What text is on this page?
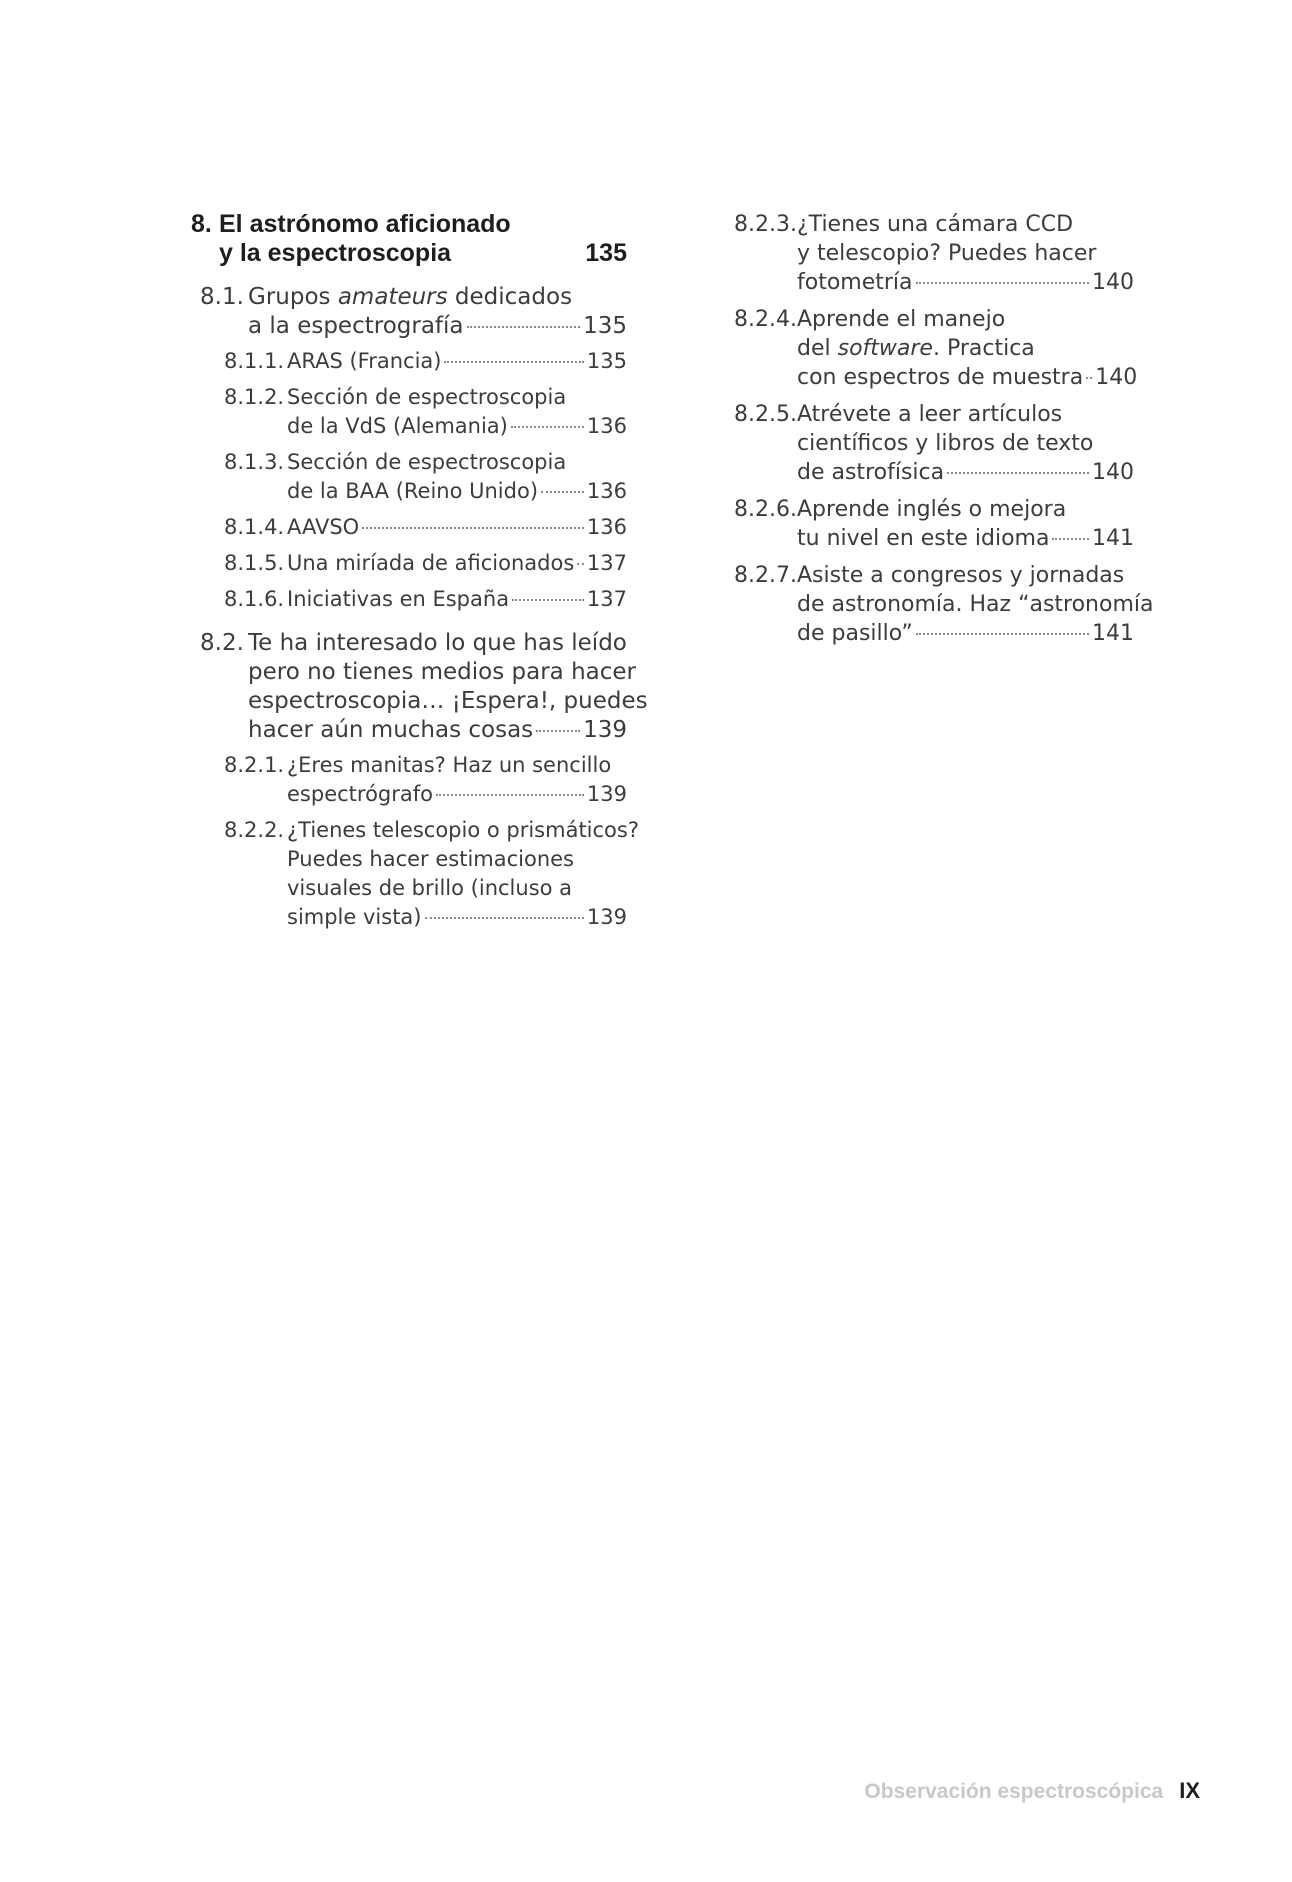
8. El astrónomo aficionado
y la espectroscopia	135
8.1. Grupos amateurs dedicados
a la espectrografía	135
8.1.1. ARAS (Francia)	135
8.1.2. Sección de espectroscopia
de la VdS (Alemania)	136
8.1.3. Sección de espectroscopia
de la BAA (Reino Unido) 136
8.1.4. AAVSO	136
8.1.5. Una miríada de aficionados 137
8.1.6. Iniciativas en España	137
8.2. Te ha interesado lo que has leído
pero no tienes medios para hacer
espectroscopia… ¡Espera!, puedes
hacer aún muchas cosas 139
8.2.1. ¿Eres manitas? Haz un sencillo
espectrógrafo	139
8.2.2. ¿Tienes telescopio o prismáticos?
Puedes hacer estimaciones
visuales de brillo (incluso a
simple vista)	139
8.2.3. ¿Tienes una cámara CCD
y telescopio? Puedes hacer
fotometría	140
8.2.4. Aprende el manejo
del software. Practica
con espectros de muestra 140
8.2.5. Atrévete a leer artículos
científicos y libros de texto
de astrofísica	140
8.2.6. Aprende inglés o mejora
tu nivel en este idioma 141
8.2.7. Asiste a congresos y jornadas
de astronomía. Haz “astronomía
de pasillo”	141
Observación espectroscópica IX
